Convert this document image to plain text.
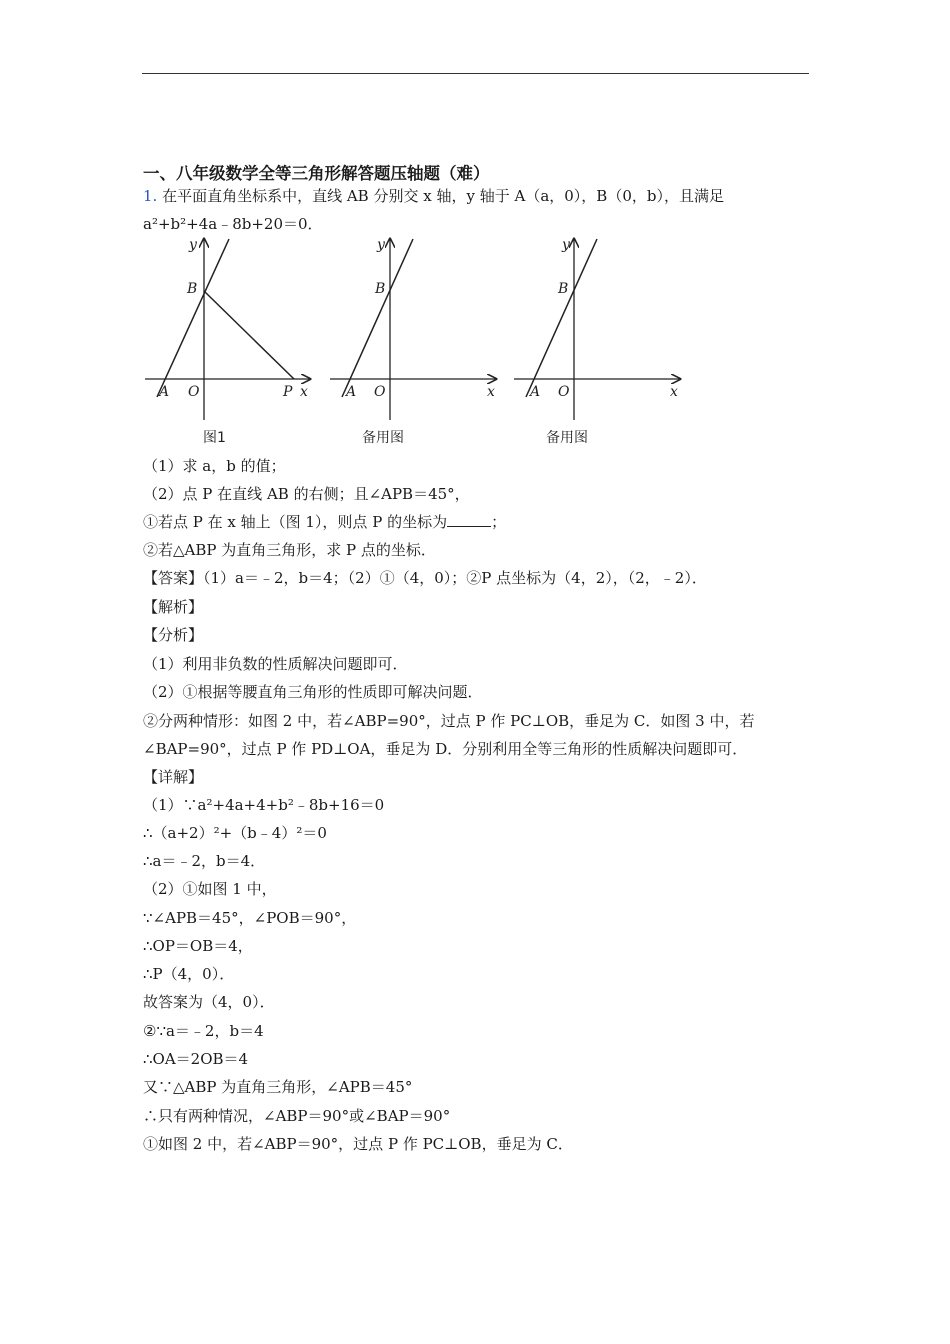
一、八年级数学全等三角形解答题压轴题（难）
1. 在平面直角坐标系中，直线 AB 分别交 x 轴，y 轴于 A（a，0），B（0，b），且满足
a²+b²+4a﹣8b+20＝0．
y
B
A O	P x
图1
y
B
A O	x
备用图
y
B
A O	x
备用图
（1）求 a，b 的值；
（2）点 P 在直线 AB 的右侧；且∠APB＝45°，
①若点 P 在 x 轴上（图 1），则点 P 的坐标为	；
②若△ABP 为直角三角形，求 P 点的坐标．
【答案】（1）a＝﹣2，b＝4；（2）①（4，0）；②P 点坐标为（4，2），（2，﹣2）．
【解析】
【分析】
（1）利用非负数的性质解决问题即可．
（2）①根据等腰直角三角形的性质即可解决问题．
②分两种情形：如图 2 中，若∠ABP=90°，过点 P 作 PC⊥OB，垂足为 C．如图 3 中，若
∠BAP=90°，过点 P 作 PD⊥OA，垂足为 D．分别利用全等三角形的性质解决问题即可．
【详解】
（1）∵a²+4a+4+b²﹣8b+16＝0
∴（a+2）²+（b﹣4）²＝0
∴a＝﹣2，b＝4．
（2）①如图 1 中，
∵∠APB＝45°，∠POB＝90°，
∴OP＝OB＝4，
∴P（4，0）．
故答案为（4，0）．
②∵a＝﹣2，b＝4
∴OA＝2OB＝4
又∵△ABP 为直角三角形，∠APB＝45°
∴只有两种情况，∠ABP＝90°或∠BAP＝90°
①如图 2 中，若∠ABP＝90°，过点 P 作 PC⊥OB，垂足为 C．
